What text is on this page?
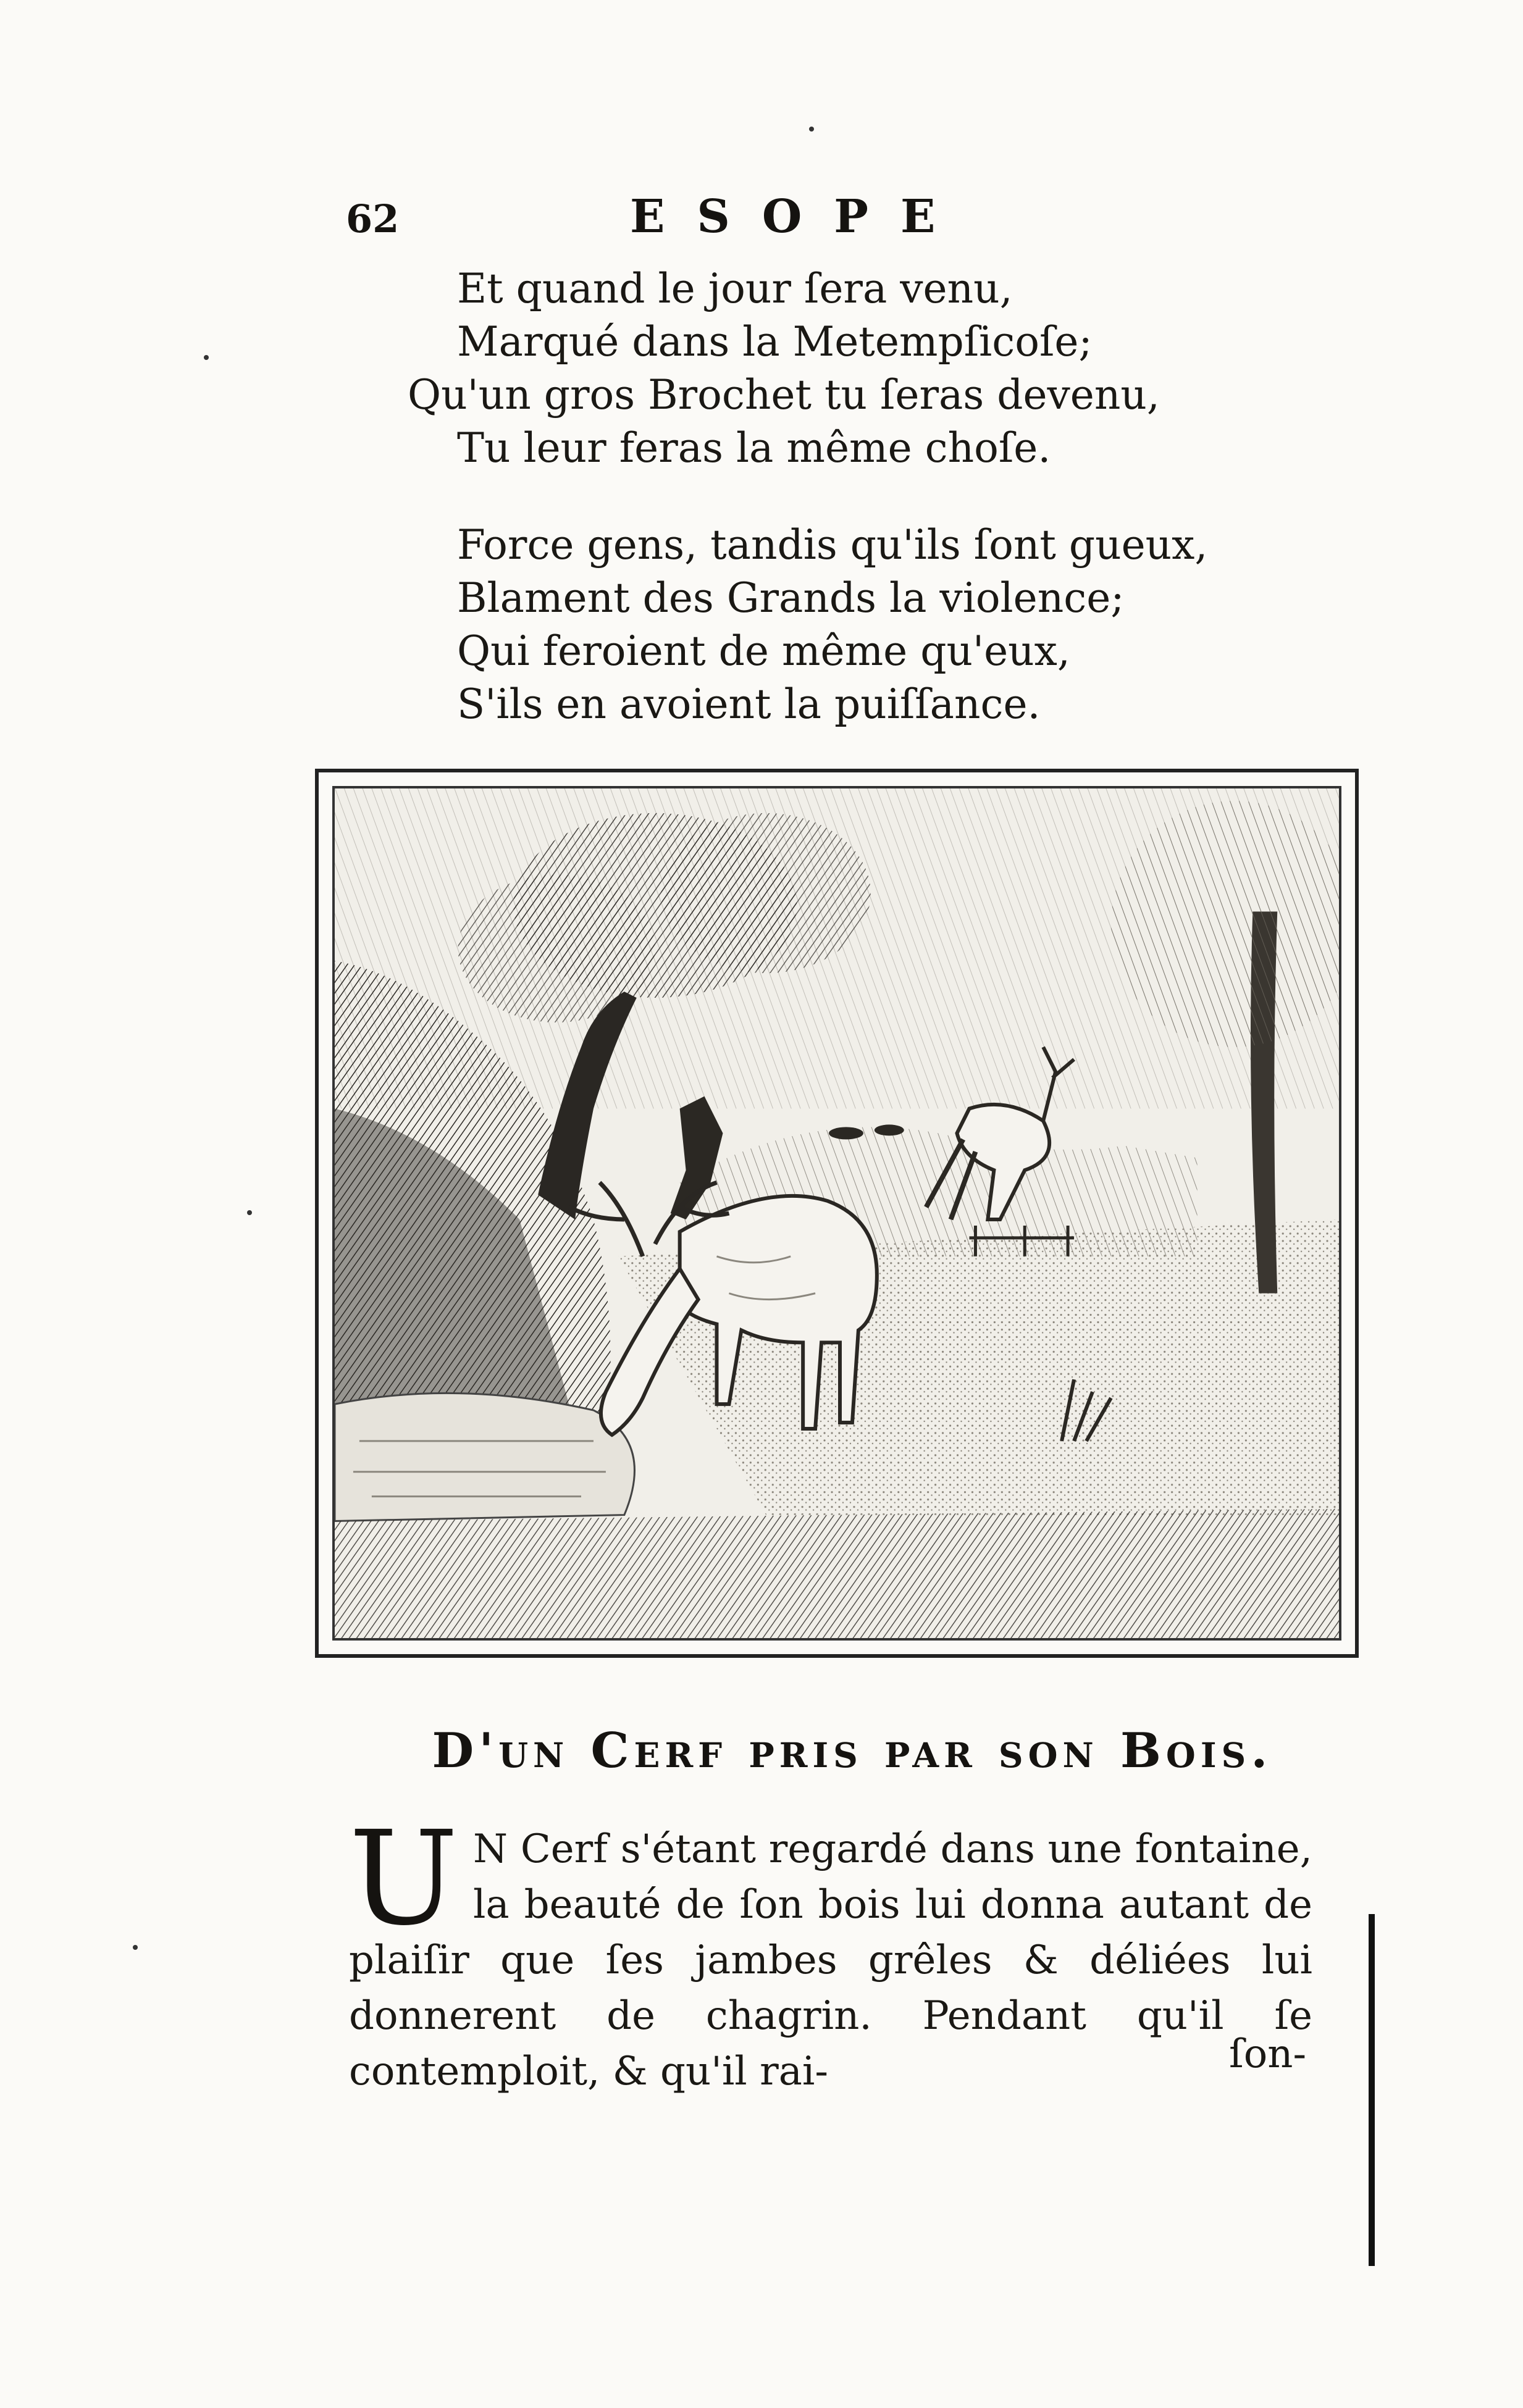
62	ESOPE
Et quand le jour ſera venu,
Marqué dans la Metempſicoſe;
Qu'un gros Brochet tu ſeras devenu,
Tu leur feras la même choſe.
Force gens, tandis qu'ils ſont gueux,
Blament des Grands la violence;
Qui feroient de même qu'eux,
S'ils en avoient la puiſſance.
D'un Cerf pris par son Bois.
U N Cerf s'étant regardé dans une fontaine, la beauté de ſon bois lui donna autant de plaiſir que ſes jambes grêles & déliées lui donnerent de chagrin. Pendant qu'il ſe contemploit, & qu'il rai-	ſon-
